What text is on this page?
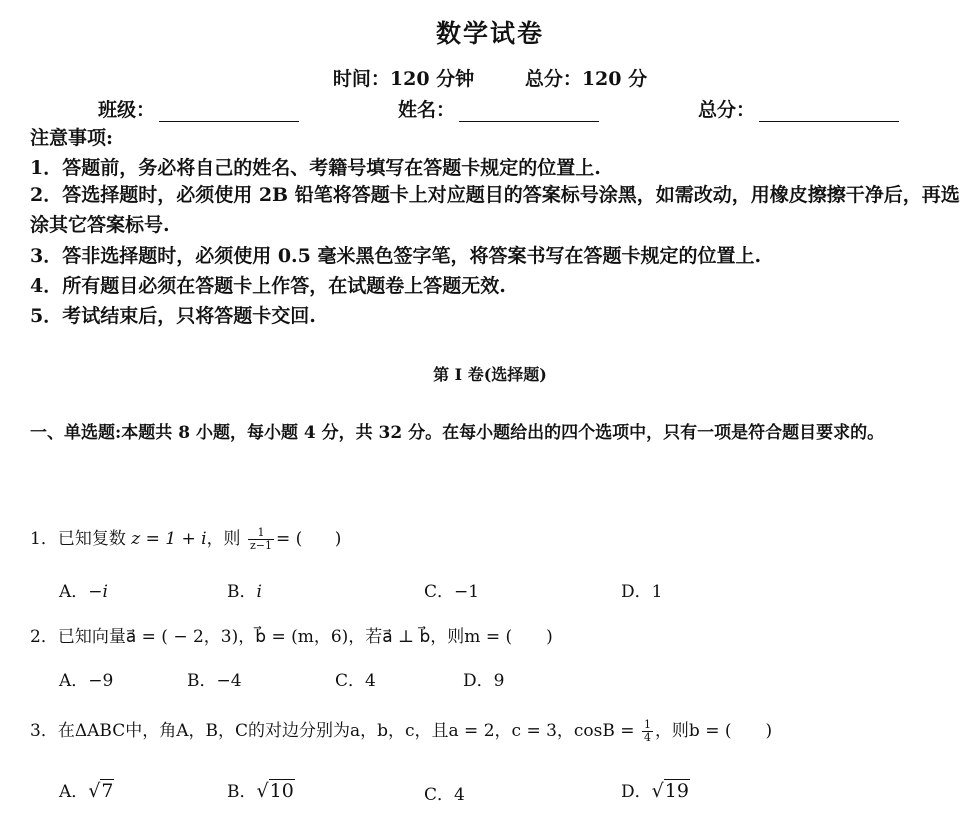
数学试卷
时间：120 分钟	总分：120 分
班级：	姓名：	总分：
注意事项:
1．答题前，务必将自己的姓名、考籍号填写在答题卡规定的位置上.
2．答选择题时，必须使用 2B 铅笔将答题卡上对应题目的答案标号涂黑，如需改动，用橡皮擦擦干净后，再选涂其它答案标号.
3．答非选择题时，必须使用 0.5 毫米黑色签字笔，将答案书写在答题卡规定的位置上.
4．所有题目必须在答题卡上作答，在试题卷上答题无效.
5．考试结束后，只将答题卡交回.
第 I 卷(选择题)
一、单选题:本题共 8 小题，每小题 4 分，共 32 分。在每小题给出的四个选项中，只有一项是符合题目要求的。
1．已知复数 z = 1 + i，则 $\frac{1}{z-1}$ = ( )
A．−i	B．i	C．−1	D．1
2．已知向量a⃗ = ( − 2，3)，b⃗ = (m，6)，若a⃗ ⊥ b⃗，则m = (　　)
A．−9	B．−4	C．4	D．9
3．在ΔABC中，角A，B，C的对边分别为a，b，c，且a = 2，c = 3，$\cos B = \frac{1}{4}$ ，则b = (　　)
A．√7	B．√10	C．4	D．√19
